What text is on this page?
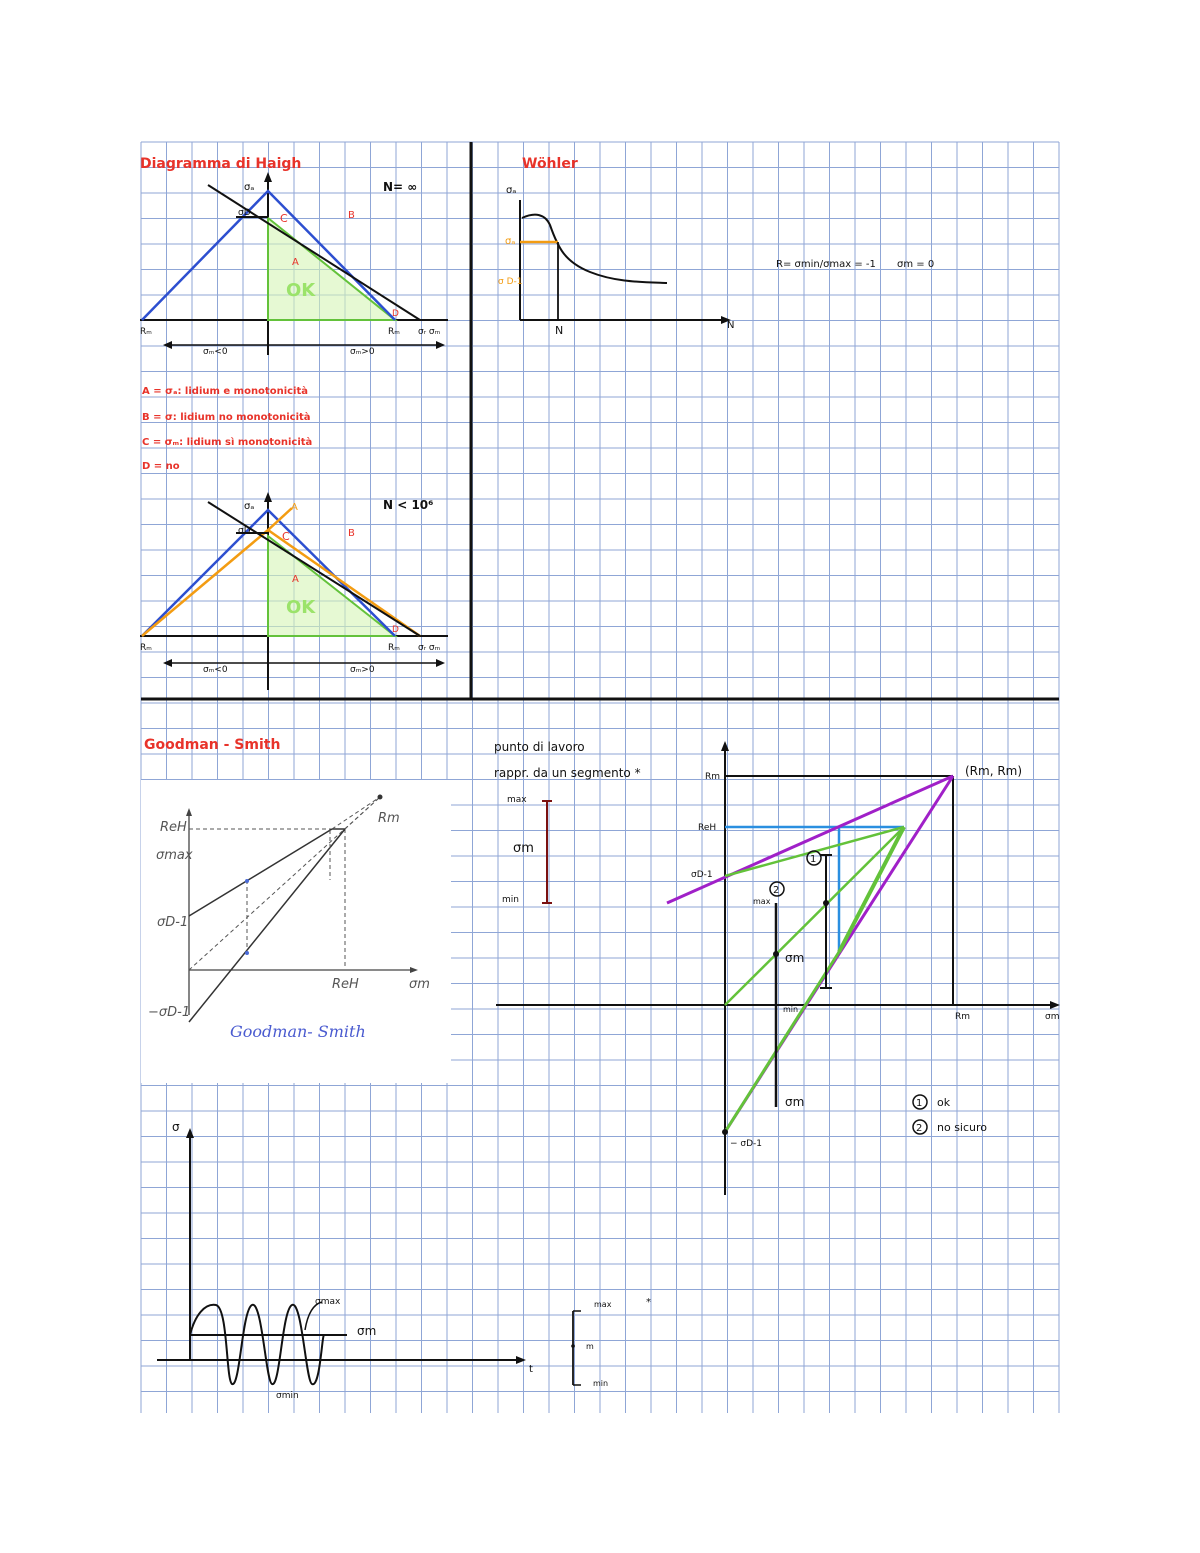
Diagramma di Haigh
N= ∞
σₐ
σD	C	B
A
D
OK
Rₘ	Rₘ σᵣ σₘ
σₘ<0	σₘ>0
A = σₐ: lidium e monotonicità
B = σ: lidium no monotonicità
C = σₘ: lidium sì monotonicità
D = no
N < 10⁶
σₐ	A
σD	C	B
A
D
OK
Rₘ	Rₘ σᵣ σₘ
σₘ<0	σₘ>0
Wöhler
σₐ
σₐ
σ D-1
N	N
R= σmin/σmax = -1 σm = 0
Goodman - Smith
ReH
σmax
σD-1
−σD-1
ReH	σm
Rm
Goodman- Smith
punto di lavoro
rappr. da un segmento *
max
σm
min
Rm
ReH
σD-1
(Rm, Rm)
Rm	σm
− σD-1
max
min
σm
σm
1
2
1 ok
2 no sicuro
σ
t
σmax
σm
σmin
max
m
min
*
